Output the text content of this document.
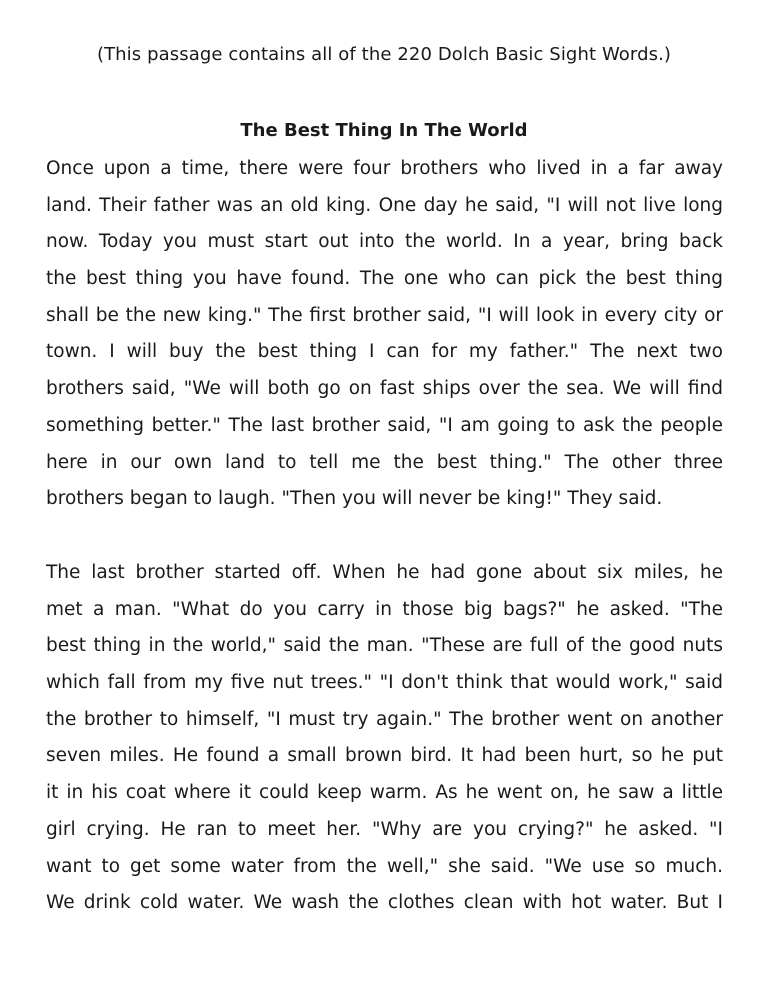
(This passage contains all of the 220 Dolch Basic Sight Words.)

The Best Thing In The World

Once upon a time, there were four brothers who lived in a far away
land. Their father was an old king. One day he said, "I will not live long
now. Today you must start out into the world. In a year, bring back
the best thing you have found. The one who can pick the best thing
shall be the new king." The first brother said, "I will look in every city or
town. I will buy the best thing I can for my father." The next two
brothers said, "We will both go on fast ships over the sea. We will find
something better." The last brother said, "I am going to ask the people
here in our own land to tell me the best thing." The other three
brothers began to laugh. "Then you will never be king!" They said.
The last brother started off. When he had gone about six miles, he
met a man. "What do you carry in those big bags?" he asked. "The
best thing in the world," said the man. "These are full of the good nuts
which fall from my five nut trees." "I don't think that would work," said
the brother to himself, "I must try again." The brother went on another
seven miles. He found a small brown bird. It had been hurt, so he put
it in his coat where it could keep warm. As he went on, he saw a little
girl crying. He ran to meet her. "Why are you crying?" he asked. "I
want to get some water from the well," she said. "We use so much.
We drink cold water. We wash the clothes clean with hot water. But I
